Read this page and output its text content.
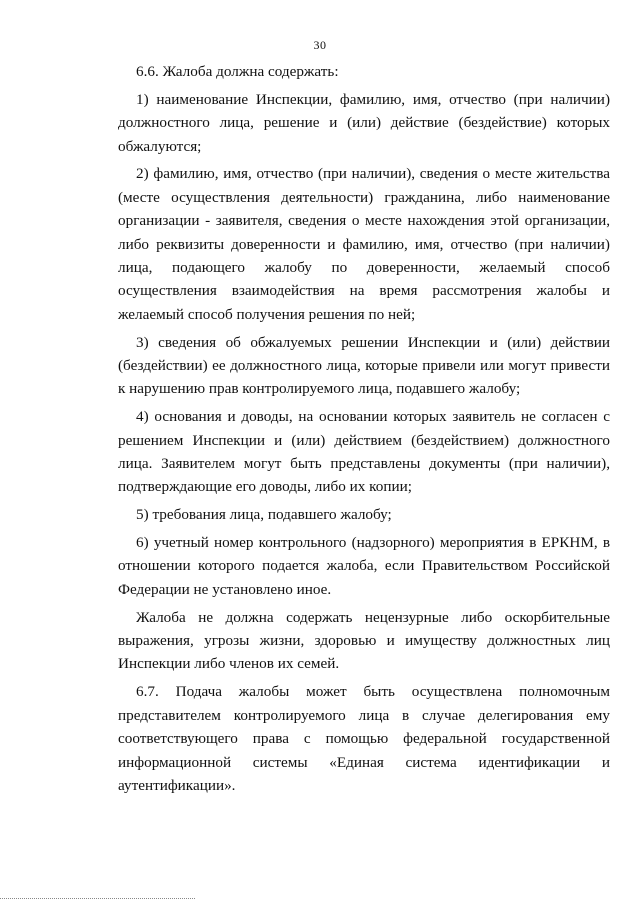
30

6.6. Жалоба должна содержать:

1) наименование Инспекции, фамилию, имя, отчество (при наличии) должностного лица, решение и (или) действие (бездействие) которых обжалуются;

2) фамилию, имя, отчество (при наличии), сведения о месте жительства (месте осуществления деятельности) гражданина, либо наименование организации - заявителя, сведения о месте нахождения этой организации, либо реквизиты доверенности и фамилию, имя, отчество (при наличии) лица, подающего жалобу по доверенности, желаемый способ осуществления взаимодействия на время рассмотрения жалобы и желаемый способ получения решения по ней;

3) сведения об обжалуемых решении Инспекции и (или) действии (бездействии) ее должностного лица, которые привели или могут привести к нарушению прав контролируемого лица, подавшего жалобу;

4) основания и доводы, на основании которых заявитель не согласен с решением Инспекции и (или) действием (бездействием) должностного лица. Заявителем могут быть представлены документы (при наличии), подтверждающие его доводы, либо их копии;

5) требования лица, подавшего жалобу;

6) учетный номер контрольного (надзорного) мероприятия в ЕРКНМ, в отношении которого подается жалоба, если Правительством Российской Федерации не установлено иное.

Жалоба не должна содержать нецензурные либо оскорбительные выражения, угрозы жизни, здоровью и имуществу должностных лиц Инспекции либо членов их семей.

6.7. Подача жалобы может быть осуществлена полномочным представителем контролируемого лица в случае делегирования ему соответствующего права с помощью федеральной государственной информационной системы «Единая система идентификации и аутентификации».
